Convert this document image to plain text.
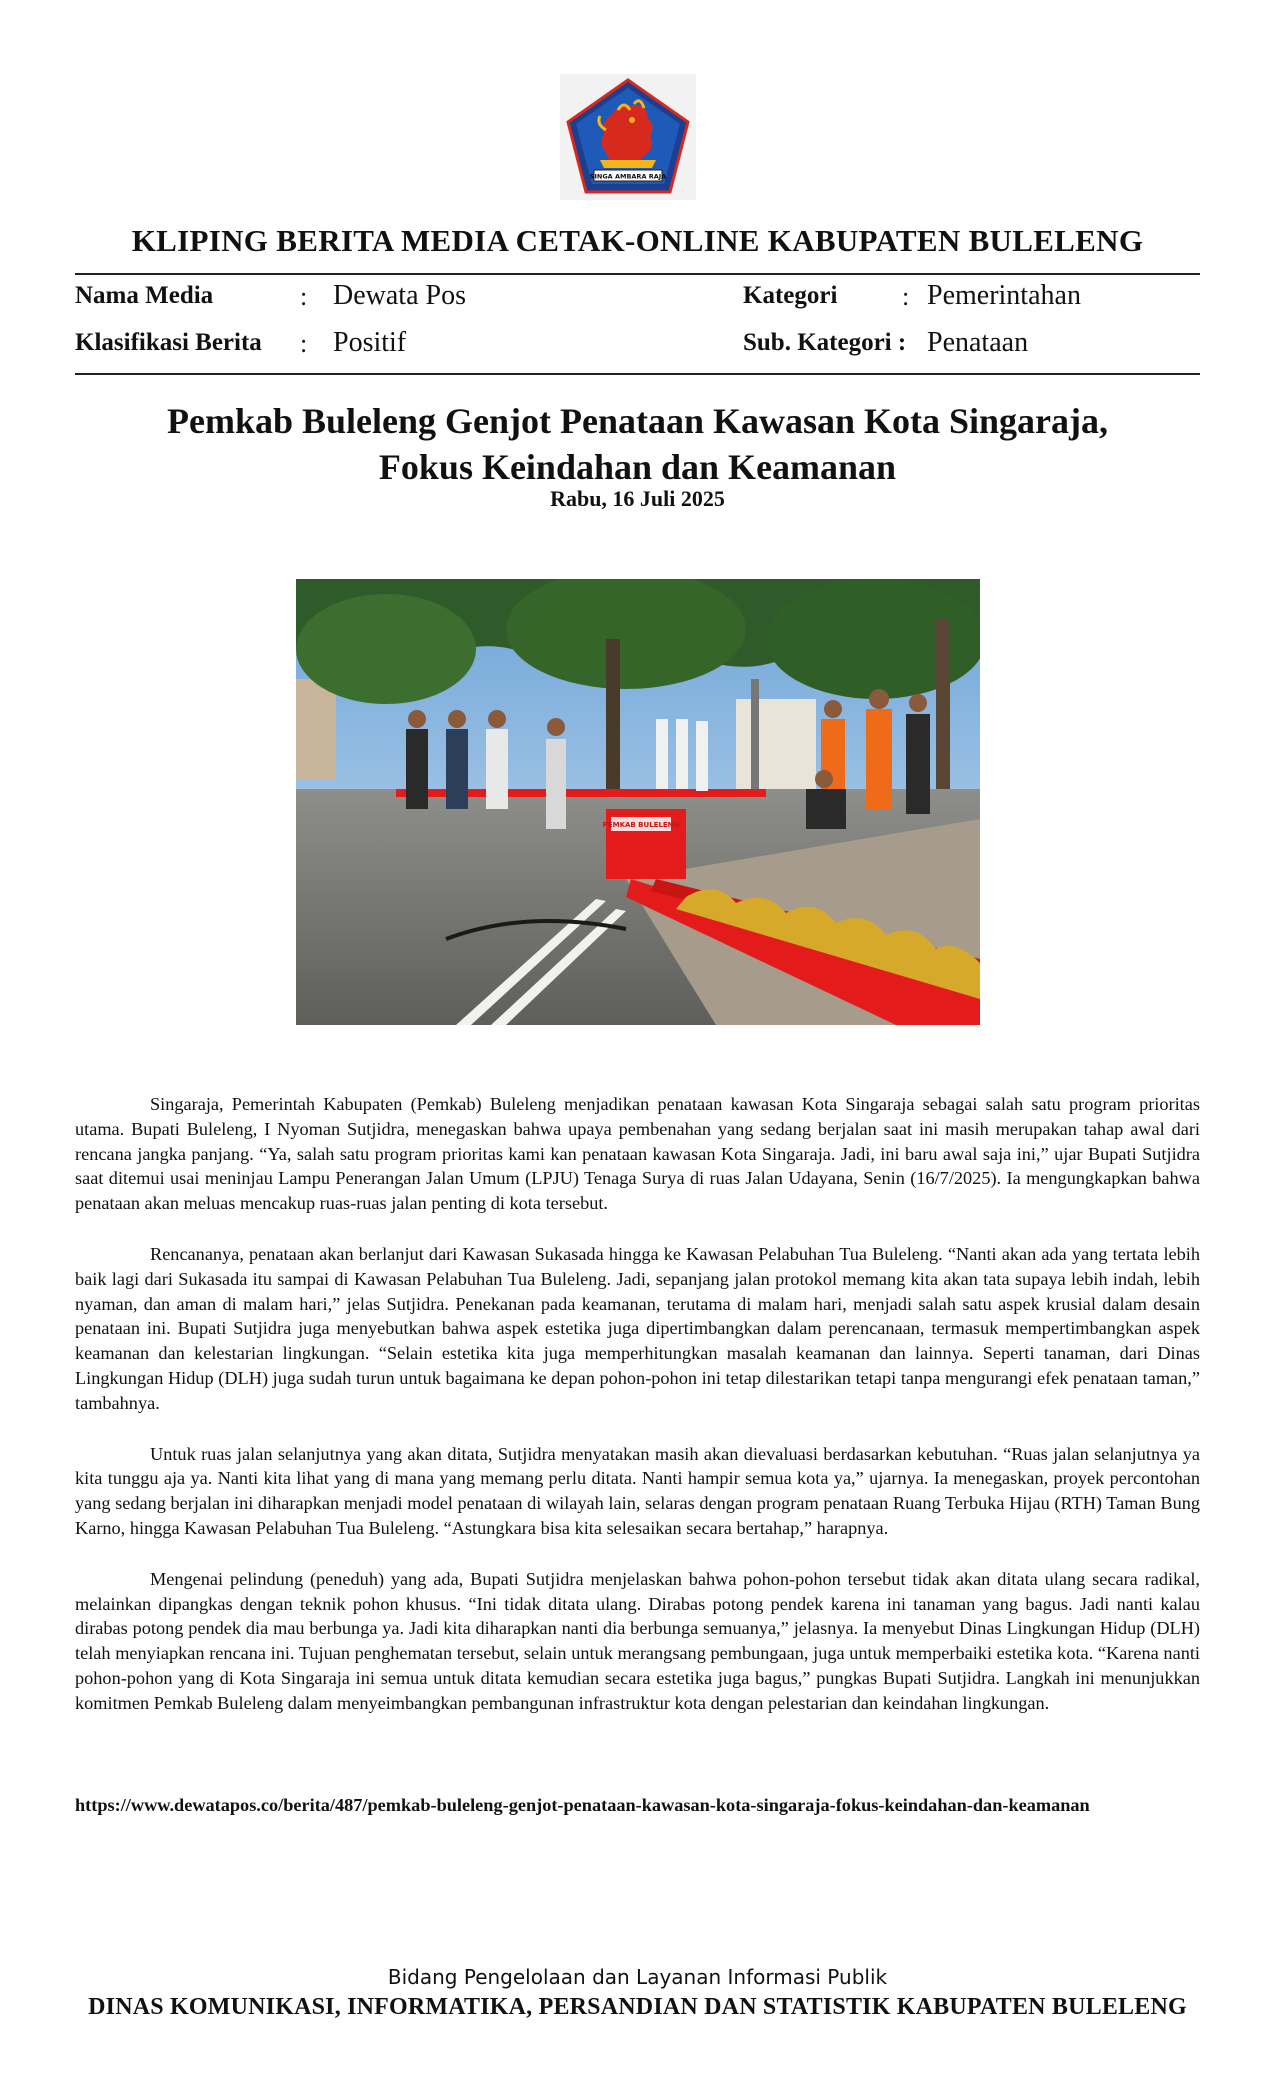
SINGA AMBARA RAJA
KLIPING BERITA MEDIA CETAK-ONLINE KABUPATEN BULELENG
Nama Media	: Dewata Pos	Kategori : Pemerintahan
Klasifikasi Berita : Positif	Sub. Kategori : Penataan
Pemkab Buleleng Genjot Penataan Kawasan Kota Singaraja,
Fokus Keindahan dan Keamanan
Rabu, 16 Juli 2025
PEMKAB BULELENG

Singaraja, Pemerintah Kabupaten (Pemkab) Buleleng menjadikan penataan kawasan Kota Singaraja sebagai salah satu program prioritas utama. Bupati Buleleng, I Nyoman Sutjidra, menegaskan bahwa upaya pembenahan yang sedang berjalan saat ini masih merupakan tahap awal dari rencana jangka panjang. “Ya, salah satu program prioritas kami kan penataan kawasan Kota Singaraja. Jadi, ini baru awal saja ini,” ujar Bupati Sutjidra saat ditemui usai meninjau Lampu Penerangan Jalan Umum (LPJU) Tenaga Surya di ruas Jalan Udayana, Senin (16/7/2025). Ia mengungkapkan bahwa penataan akan meluas mencakup ruas-ruas jalan penting di kota tersebut.

Rencananya, penataan akan berlanjut dari Kawasan Sukasada hingga ke Kawasan Pelabuhan Tua Buleleng. “Nanti akan ada yang tertata lebih baik lagi dari Sukasada itu sampai di Kawasan Pelabuhan Tua Buleleng. Jadi, sepanjang jalan protokol memang kita akan tata supaya lebih indah, lebih nyaman, dan aman di malam hari,” jelas Sutjidra. Penekanan pada keamanan, terutama di malam hari, menjadi salah satu aspek krusial dalam desain penataan ini. Bupati Sutjidra juga menyebutkan bahwa aspek estetika juga dipertimbangkan dalam perencanaan, termasuk mempertimbangkan aspek keamanan dan kelestarian lingkungan. “Selain estetika kita juga memperhitungkan masalah keamanan dan lainnya. Seperti tanaman, dari Dinas Lingkungan Hidup (DLH) juga sudah turun untuk bagaimana ke depan pohon-pohon ini tetap dilestarikan tetapi tanpa mengurangi efek penataan taman,” tambahnya.

Untuk ruas jalan selanjutnya yang akan ditata, Sutjidra menyatakan masih akan dievaluasi berdasarkan kebutuhan. “Ruas jalan selanjutnya ya kita tunggu aja ya. Nanti kita lihat yang di mana yang memang perlu ditata. Nanti hampir semua kota ya,” ujarnya. Ia menegaskan, proyek percontohan yang sedang berjalan ini diharapkan menjadi model penataan di wilayah lain, selaras dengan program penataan Ruang Terbuka Hijau (RTH) Taman Bung Karno, hingga Kawasan Pelabuhan Tua Buleleng. “Astungkara bisa kita selesaikan secara bertahap,” harapnya.

Mengenai pelindung (peneduh) yang ada, Bupati Sutjidra menjelaskan bahwa pohon-pohon tersebut tidak akan ditata ulang secara radikal, melainkan dipangkas dengan teknik pohon khusus. “Ini tidak ditata ulang. Dirabas potong pendek karena ini tanaman yang bagus. Jadi nanti kalau dirabas potong pendek dia mau berbunga ya. Jadi kita diharapkan nanti dia berbunga semuanya,” jelasnya. Ia menyebut Dinas Lingkungan Hidup (DLH) telah menyiapkan rencana ini. Tujuan penghematan tersebut, selain untuk merangsang pembungaan, juga untuk memperbaiki estetika kota. “Karena nanti pohon-pohon yang di Kota Singaraja ini semua untuk ditata kemudian secara estetika juga bagus,” pungkas Bupati Sutjidra. Langkah ini menunjukkan komitmen Pemkab Buleleng dalam menyeimbangkan pembangunan infrastruktur kota dengan pelestarian dan keindahan lingkungan.

https://www.dewatapos.co/berita/487/pemkab-buleleng-genjot-penataan-kawasan-kota-singaraja-fokus-keindahan-dan-keamanan
Bidang Pengelolaan dan Layanan Informasi Publik
DINAS KOMUNIKASI, INFORMATIKA, PERSANDIAN DAN STATISTIK KABUPATEN BULELENG
